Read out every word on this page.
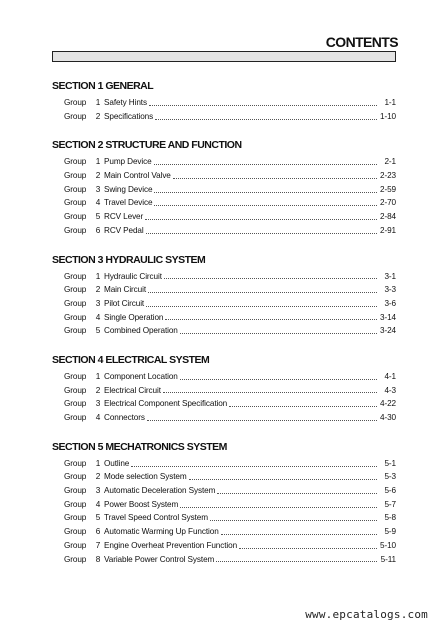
CONTENTS
SECTION 1 GENERAL
Group	1 Safety Hints	1-1
Group	2 Specifications	1-10
SECTION 2 STRUCTURE AND FUNCTION
Group	1 Pump Device	2-1
Group	2 Main Control Valve	2-23
Group	3 Swing Device	2-59
Group	4 Travel Device	2-70
Group	5 RCV Lever	2-84
Group	6 RCV Pedal	2-91
SECTION 3 HYDRAULIC SYSTEM
Group	1 Hydraulic Circuit	3-1
Group	2 Main Circuit	3-3
Group	3 Pilot Circuit	3-6
Group	4 Single Operation	3-14
Group	5 Combined Operation	3-24
SECTION 4 ELECTRICAL SYSTEM
Group	1 Component Location	4-1
Group	2 Electrical Circuit	4-3
Group	3 Electrical Component Specification	4-22
Group	4 Connectors	4-30
SECTION 5 MECHATRONICS SYSTEM
Group	1 Outline	5-1
Group	2 Mode selection System	5-3
Group	3 Automatic Deceleration System	5-6
Group	4 Power Boost System	5-7
Group	5 Travel Speed Control System	5-8
Group	6 Automatic Warming Up Function	5-9
Group	7 Engine Overheat Prevention Function	5-10
Group	8 Variable Power Control System	5-11
www.epcatalogs.com
